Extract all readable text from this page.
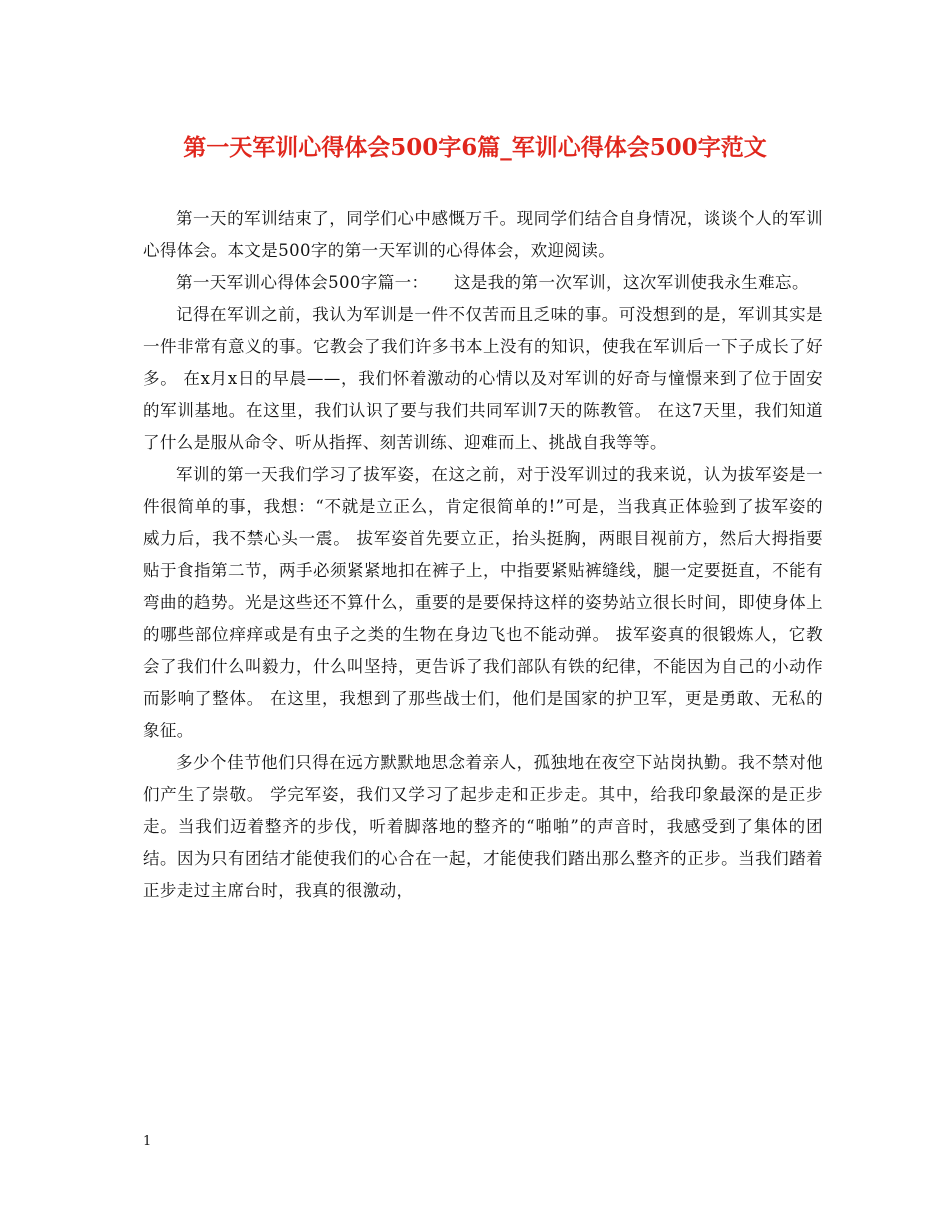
第一天军训心得体会500字6篇_军训心得体会500字范文

第一天的军训结束了，同学们心中感慨万千。现同学们结合自身情况，谈谈个人的军训心得体会。本文是500字的第一天军训的心得体会，欢迎阅读。

第一天军训心得体会500字篇一：　　这是我的第一次军训，这次军训使我永生难忘。

记得在军训之前，我认为军训是一件不仅苦而且乏味的事。可没想到的是，军训其实是一件非常有意义的事。它教会了我们许多书本上没有的知识，使我在军训后一下子成长了好多。 在x月x日的早晨——，我们怀着激动的心情以及对军训的好奇与憧憬来到了位于固安的军训基地。在这里，我们认识了要与我们共同军训7天的陈教管。 在这7天里，我们知道了什么是服从命令、听从指挥、刻苦训练、迎难而上、挑战自我等等。

军训的第一天我们学习了拔军姿，在这之前，对于没军训过的我来说，认为拔军姿是一件很简单的事，我想：“不就是立正么，肯定很简单的!”可是，当我真正体验到了拔军姿的威力后，我不禁心头一震。 拔军姿首先要立正，抬头挺胸，两眼目视前方，然后大拇指要贴于食指第二节，两手必须紧紧地扣在裤子上，中指要紧贴裤缝线，腿一定要挺直，不能有弯曲的趋势。光是这些还不算什么，重要的是要保持这样的姿势站立很长时间，即使身体上的哪些部位痒痒或是有虫子之类的生物在身边飞也不能动弹。 拔军姿真的很锻炼人，它教会了我们什么叫毅力，什么叫坚持，更告诉了我们部队有铁的纪律，不能因为自己的小动作而影响了整体。 在这里，我想到了那些战士们，他们是国家的护卫军，更是勇敢、无私的象征。

多少个佳节他们只得在远方默默地思念着亲人，孤独地在夜空下站岗执勤。我不禁对他们产生了崇敬。 学完军姿，我们又学习了起步走和正步走。其中，给我印象最深的是正步走。当我们迈着整齐的步伐，听着脚落地的整齐的“啪啪”的声音时，我感受到了集体的团结。因为只有团结才能使我们的心合在一起，才能使我们踏出那么整齐的正步。当我们踏着正步走过主席台时，我真的很激动，

1
